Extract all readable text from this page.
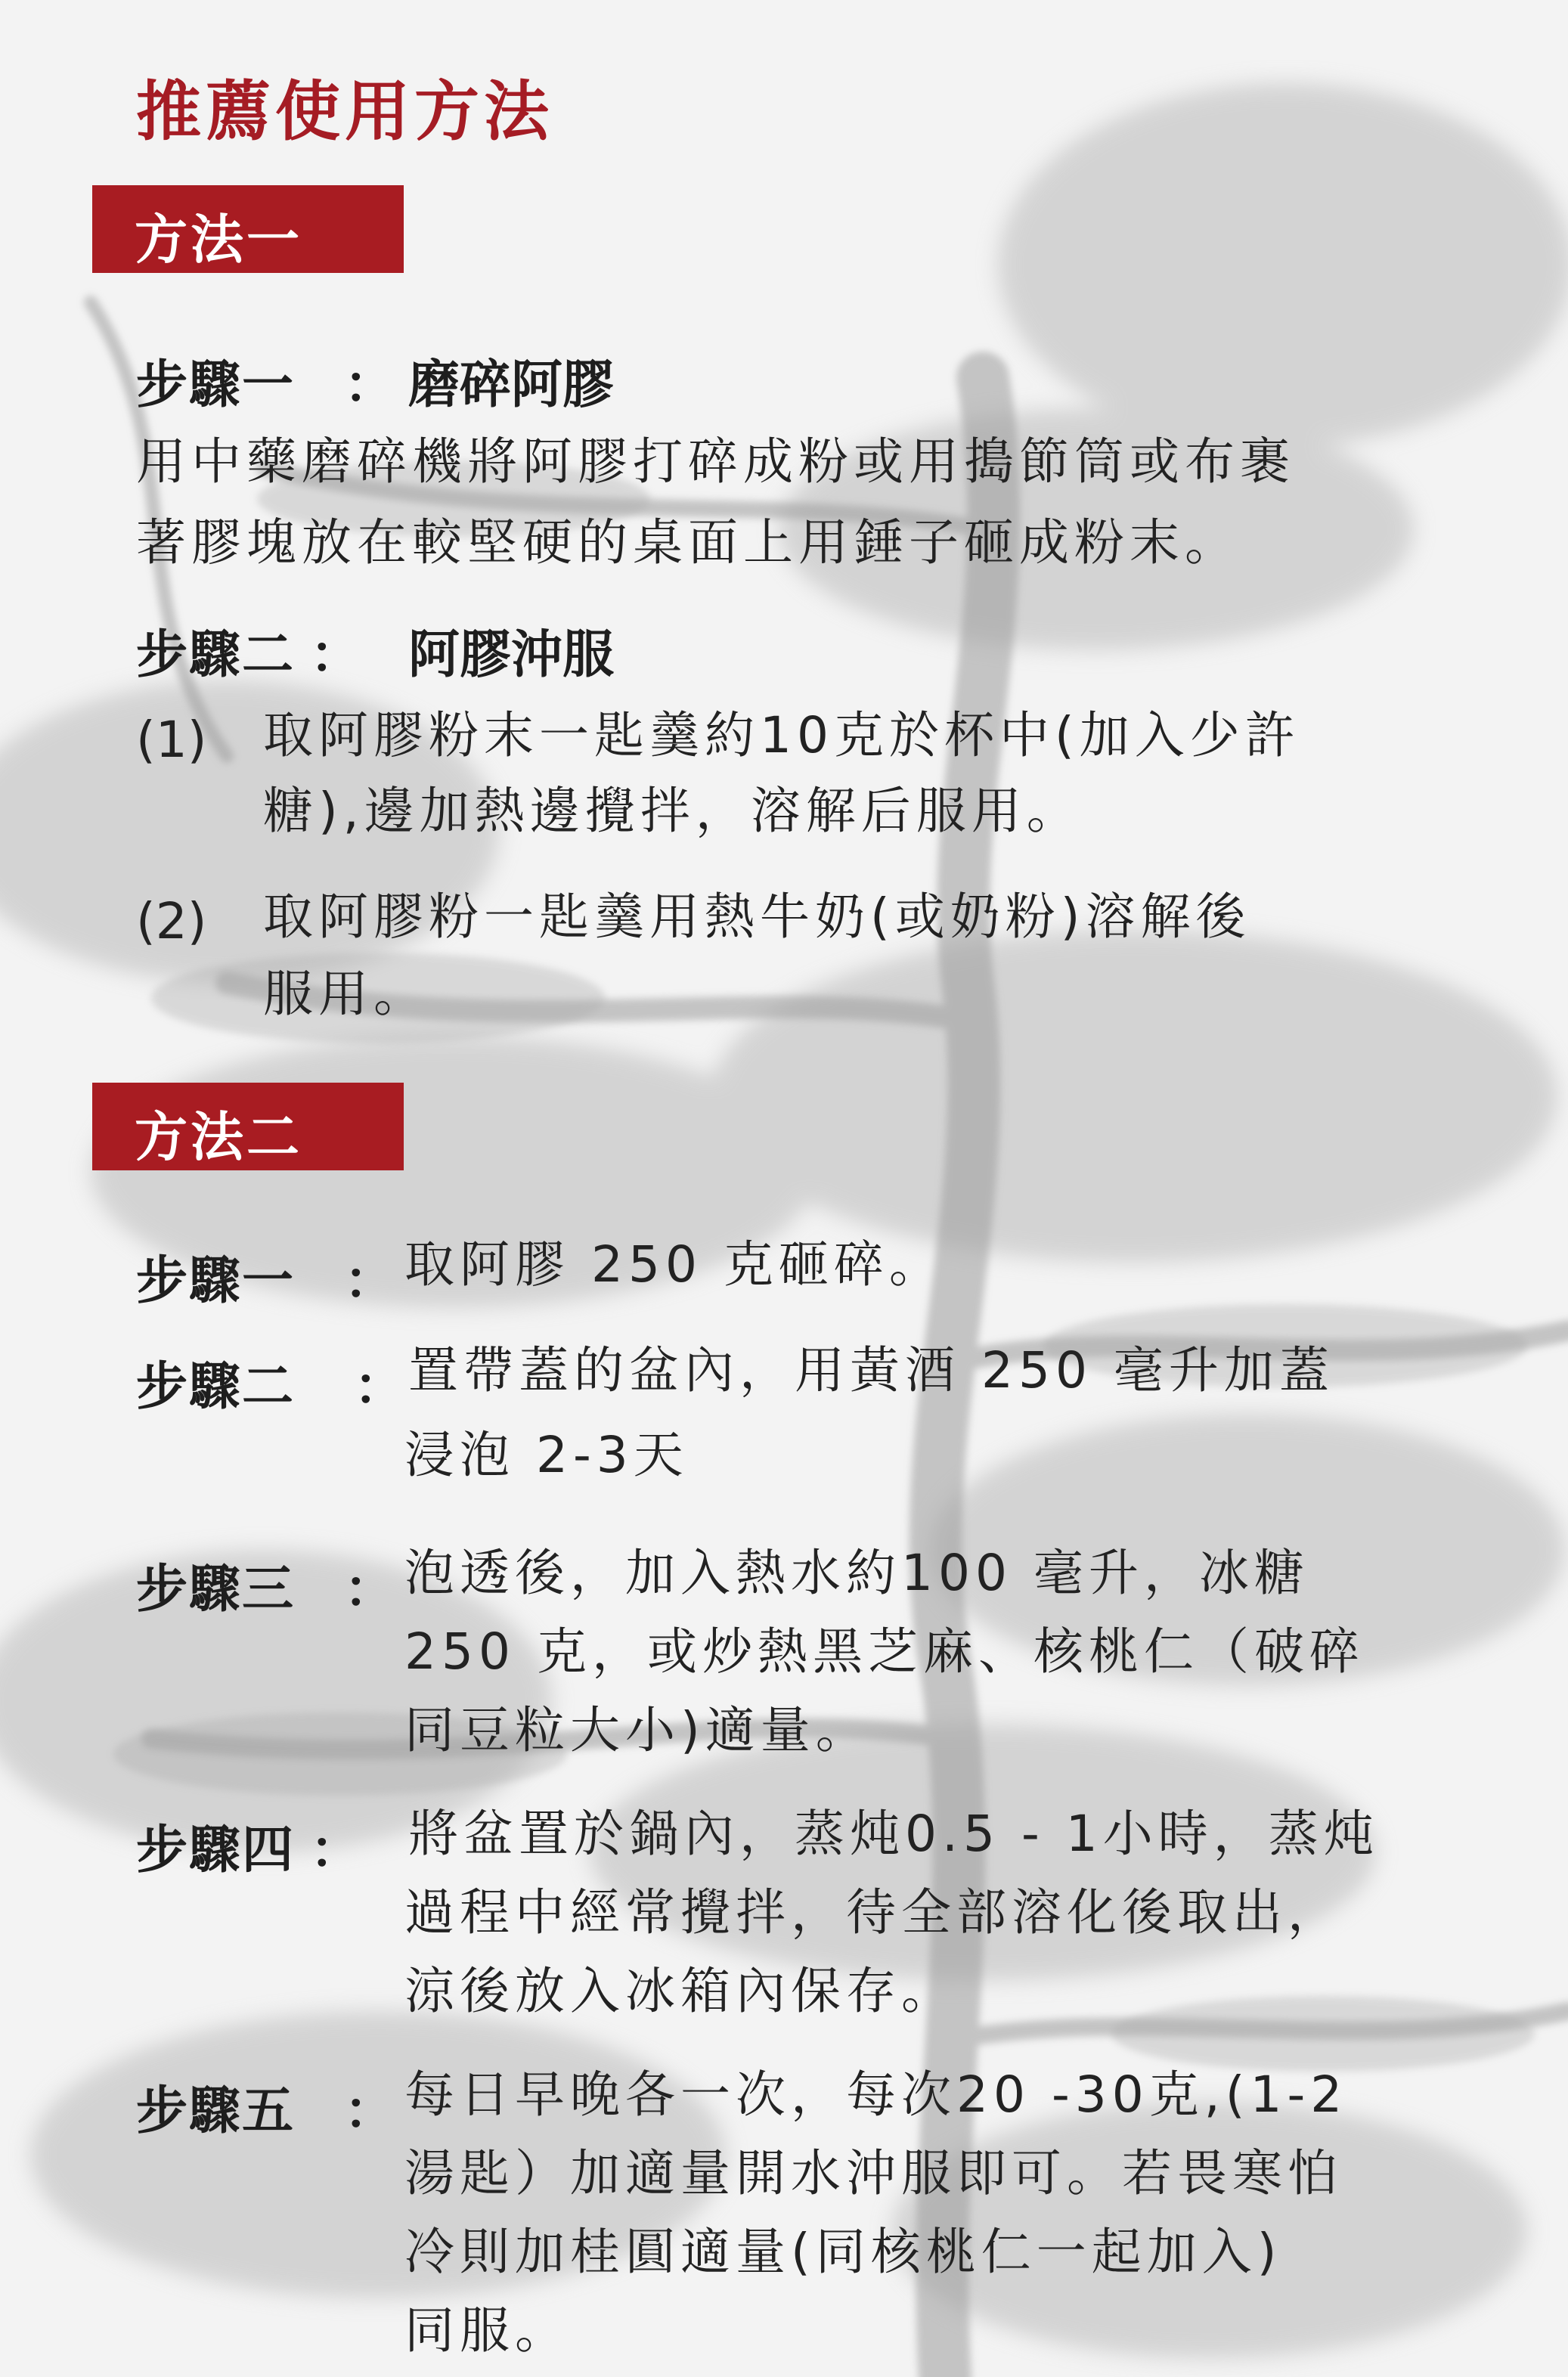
推薦使用方法
方法一
步驟一 ： 磨碎阿膠
用中藥磨碎機將阿膠打碎成粉或用搗節筒或布裹
著膠塊放在較堅硬的桌面上用錘子砸成粉末。
步驟二 ： 阿膠沖服
(1) 取阿膠粉末一匙羹約10克於杯中(加入少許
糖),邊加熱邊攪拌，溶解后服用。
(2) 取阿膠粉一匙羹用熱牛奶(或奶粉)溶解後
服用。
方法二
步驟一 ： 取阿膠 250 克砸碎。
步驟二 ： 置帶蓋的盆內，用黃酒 250 毫升加蓋
浸泡 2-3天
步驟三 ： 泡透後，加入熱水約100 毫升，冰糖
250 克，或炒熱黑芝麻、核桃仁（破碎
同豆粒大小)適量。
步驟四 ： 將盆置於鍋內，蒸炖0.5 - 1小時，蒸炖
過程中經常攪拌，待全部溶化後取出，
涼後放入冰箱內保存。
步驟五 ： 每日早晚各一次，每次20 -30克,(1-2
湯匙）加適量開水沖服即可。若畏寒怕
冷則加桂圓適量(同核桃仁一起加入)
同服。
